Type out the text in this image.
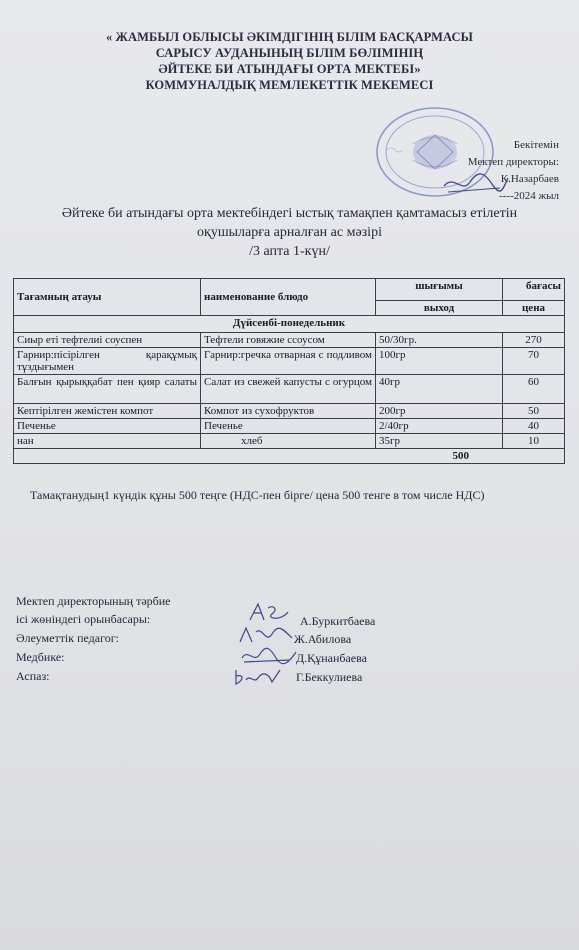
« ЖАМБЫЛ ОБЛЫСЫ ӘКІМДІГІНІҢ БІЛІМ БАСҚАРМАСЫ
САРЫСУ АУДАНЫНЫҢ БІЛІМ БӨЛІМІНІҢ
ӘЙТЕКЕ БИ АТЫНДАҒЫ ОРТА МЕКТЕБІ»
КОММУНАЛДЫҚ МЕМЛЕКЕТТІК МЕКЕМЕСІ
Бекітемін
Мектеп директоры:
К.Назарбаев
----2024 жыл
Әйтеке би атындағы орта мектебіндегі ыстық тамақпен қамтамасыз етілетін
оқушыларға арналған ас мәзірі
/3 апта 1-күн/
Тағамның атауы	наименование блюдо	шығымы	бағасы
		выход	цена
Дүйсенбі-понедельник			
Сиыр еті тефтелиі соуспен	Тефтели говяжие ссоусом	50/30гр.	270
Гарнир:пісірілген қарақұмық тұздығымен	Гарнир:гречка отварная с подливом	100гр	70
Балғын қырыққабат пен қияр салаты	Салат из свежей капусты с огурцом	40гр	60
Кептірілген жемістен компот	Компот из сухофруктов	200гр	50
Печенье	Печенье	2/40гр	40
нан	хлеб	35гр	10
500			
Тамақтанудың1 күндік құны 500 теңге (НДС-пен бірге/ цена 500 тенге в том числе НДС)
Мектеп директорының тәрбие
ісі жөніндегі орынбасары:	А.Буркитбаева
Әлеуметтік педагог:	Ж.Абилова
Медбике:	Д.Құнанбаева
Аспаз:	Г.Беккулиева
